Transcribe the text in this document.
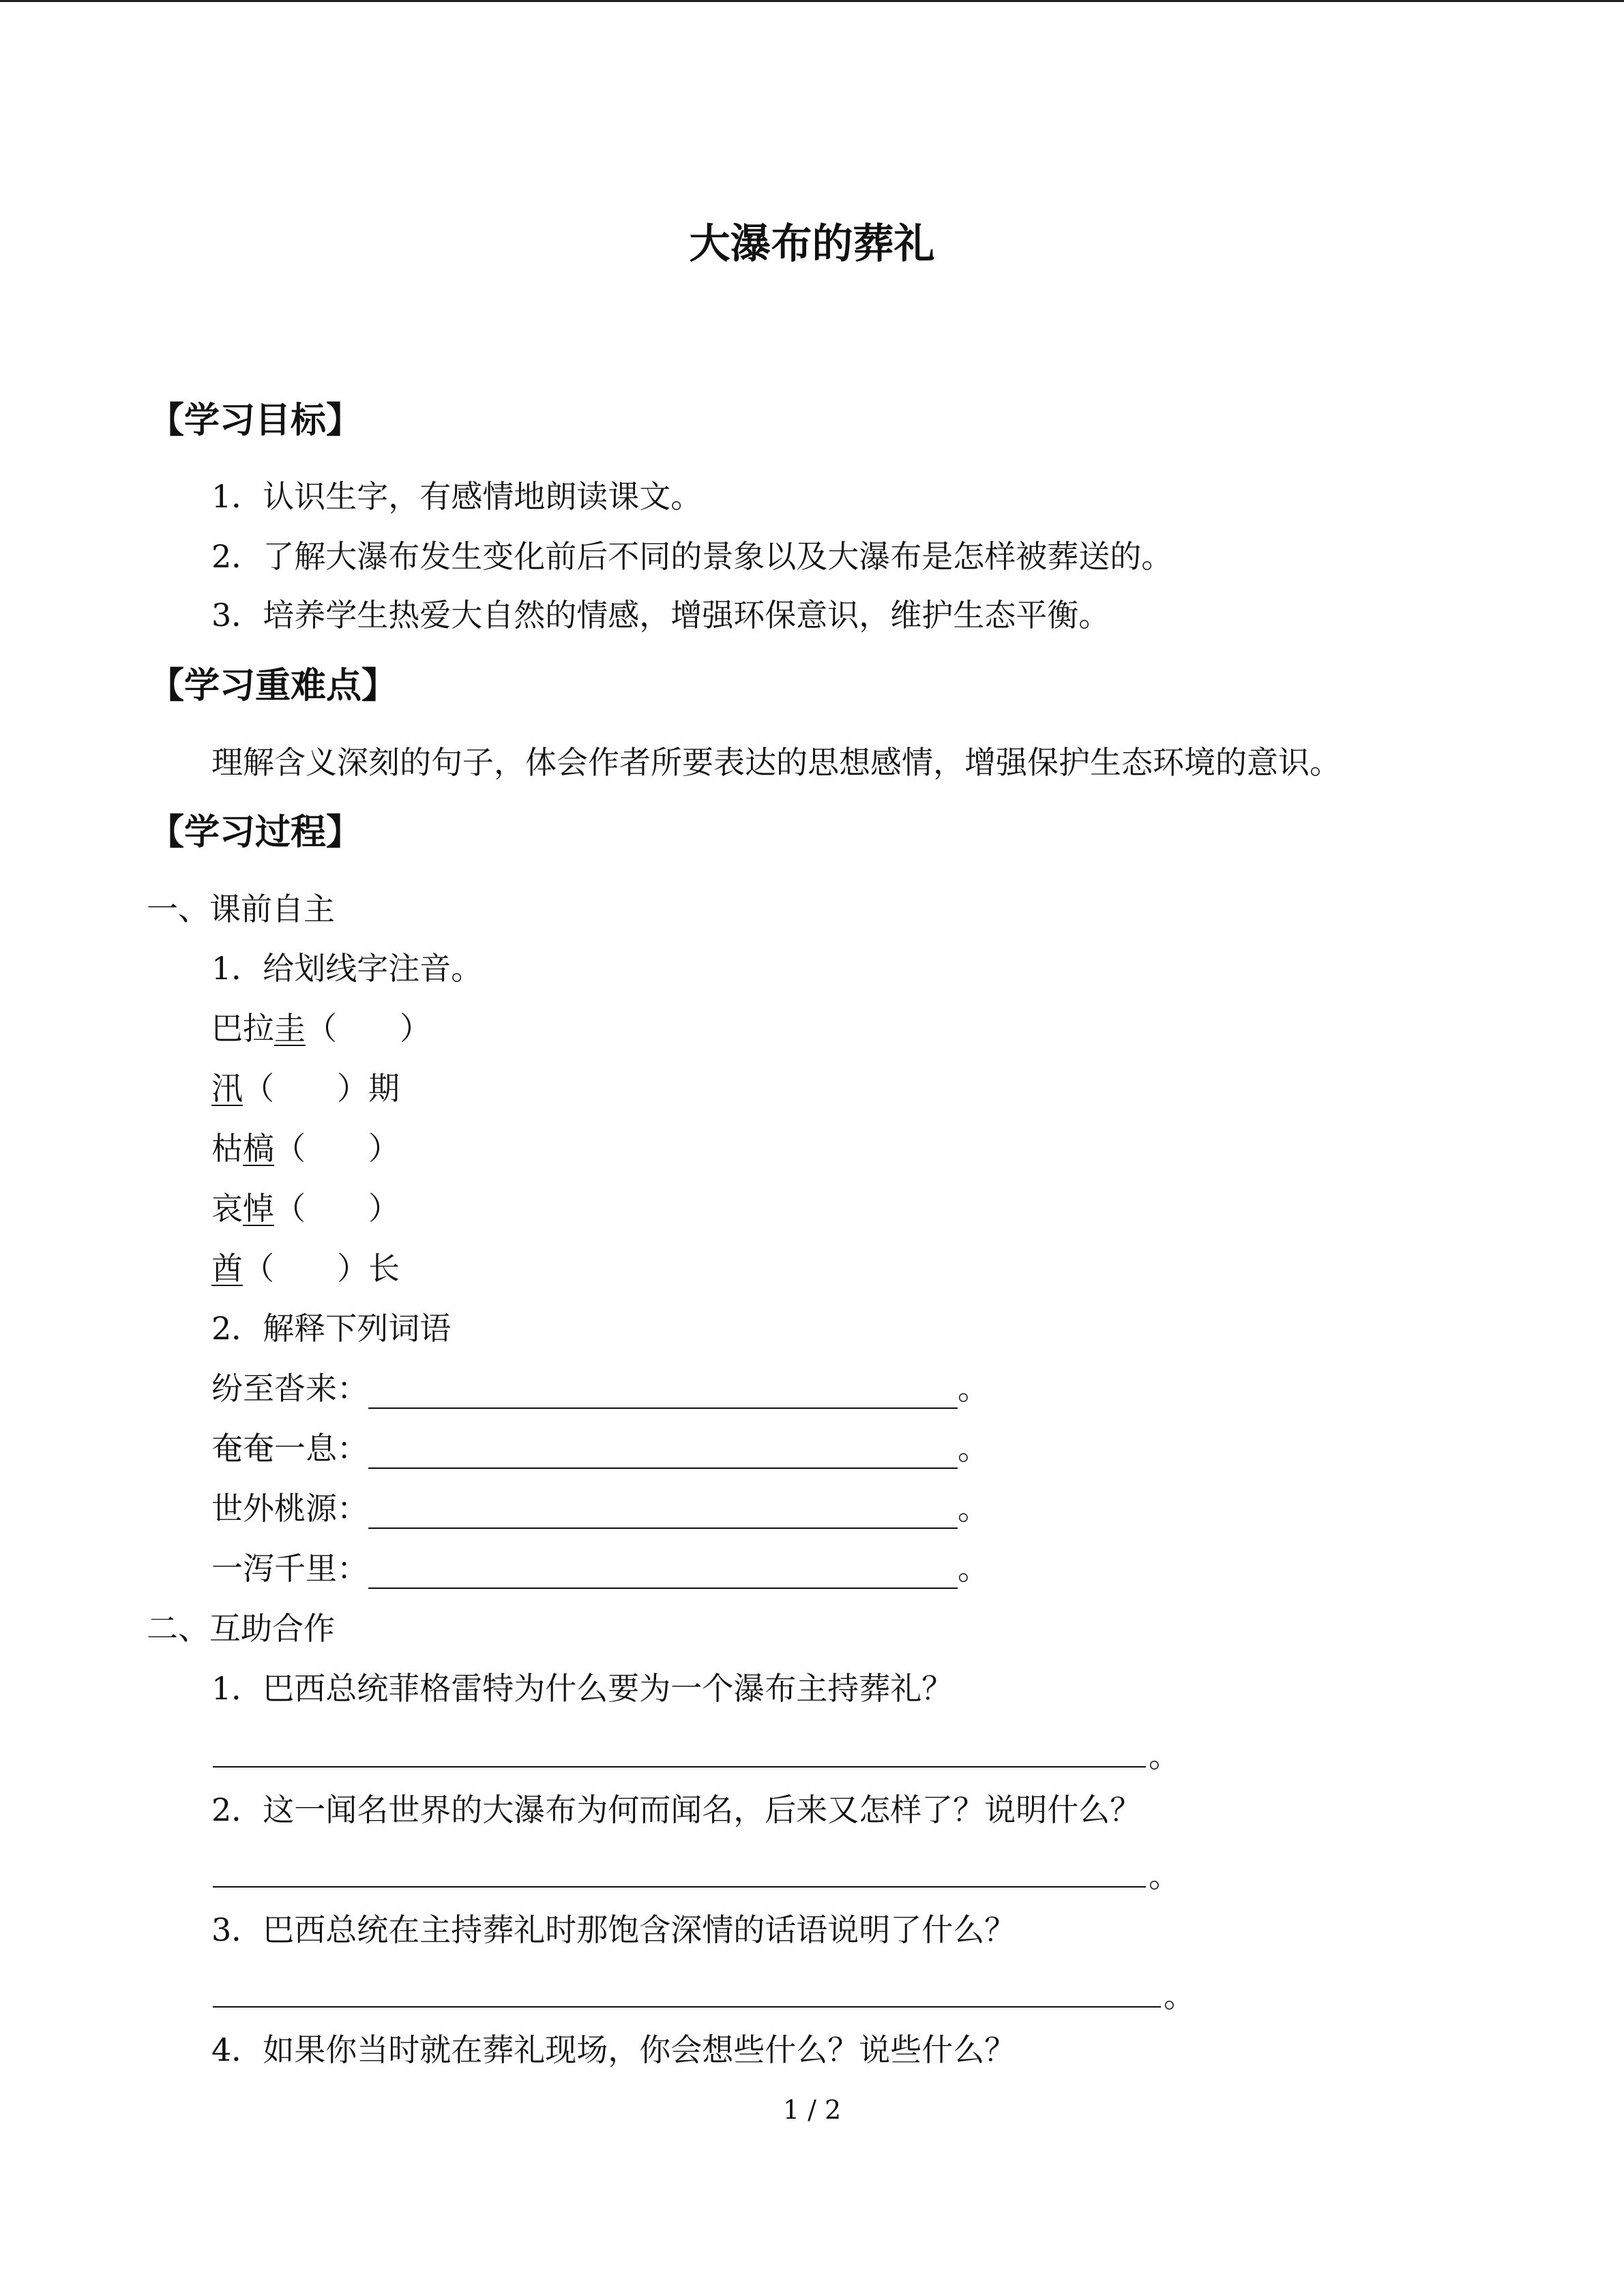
大瀑布的葬礼
【学习目标】
1．认识生字，有感情地朗读课文。
2．了解大瀑布发生变化前后不同的景象以及大瀑布是怎样被葬送的。
3．培养学生热爱大自然的情感，增强环保意识，维护生态平衡。
【学习重难点】
理解含义深刻的句子，体会作者所要表达的思想感情，增强保护生态环境的意识。
【学习过程】
一、课前自主
1．给划线字注音。
巴拉圭（　　）
汛（　　）期
枯槁（　　）
哀悼（　　）
酋（　　）长
2．解释下列词语
纷至沓来：	。
奄奄一息：	。
世外桃源：	。
一泻千里：	。
二、互助合作
1．巴西总统菲格雷特为什么要为一个瀑布主持葬礼？
。
2．这一闻名世界的大瀑布为何而闻名，后来又怎样了？说明什么？
。
3．巴西总统在主持葬礼时那饱含深情的话语说明了什么？
。
4．如果你当时就在葬礼现场，你会想些什么？说些什么？
1 / 2
